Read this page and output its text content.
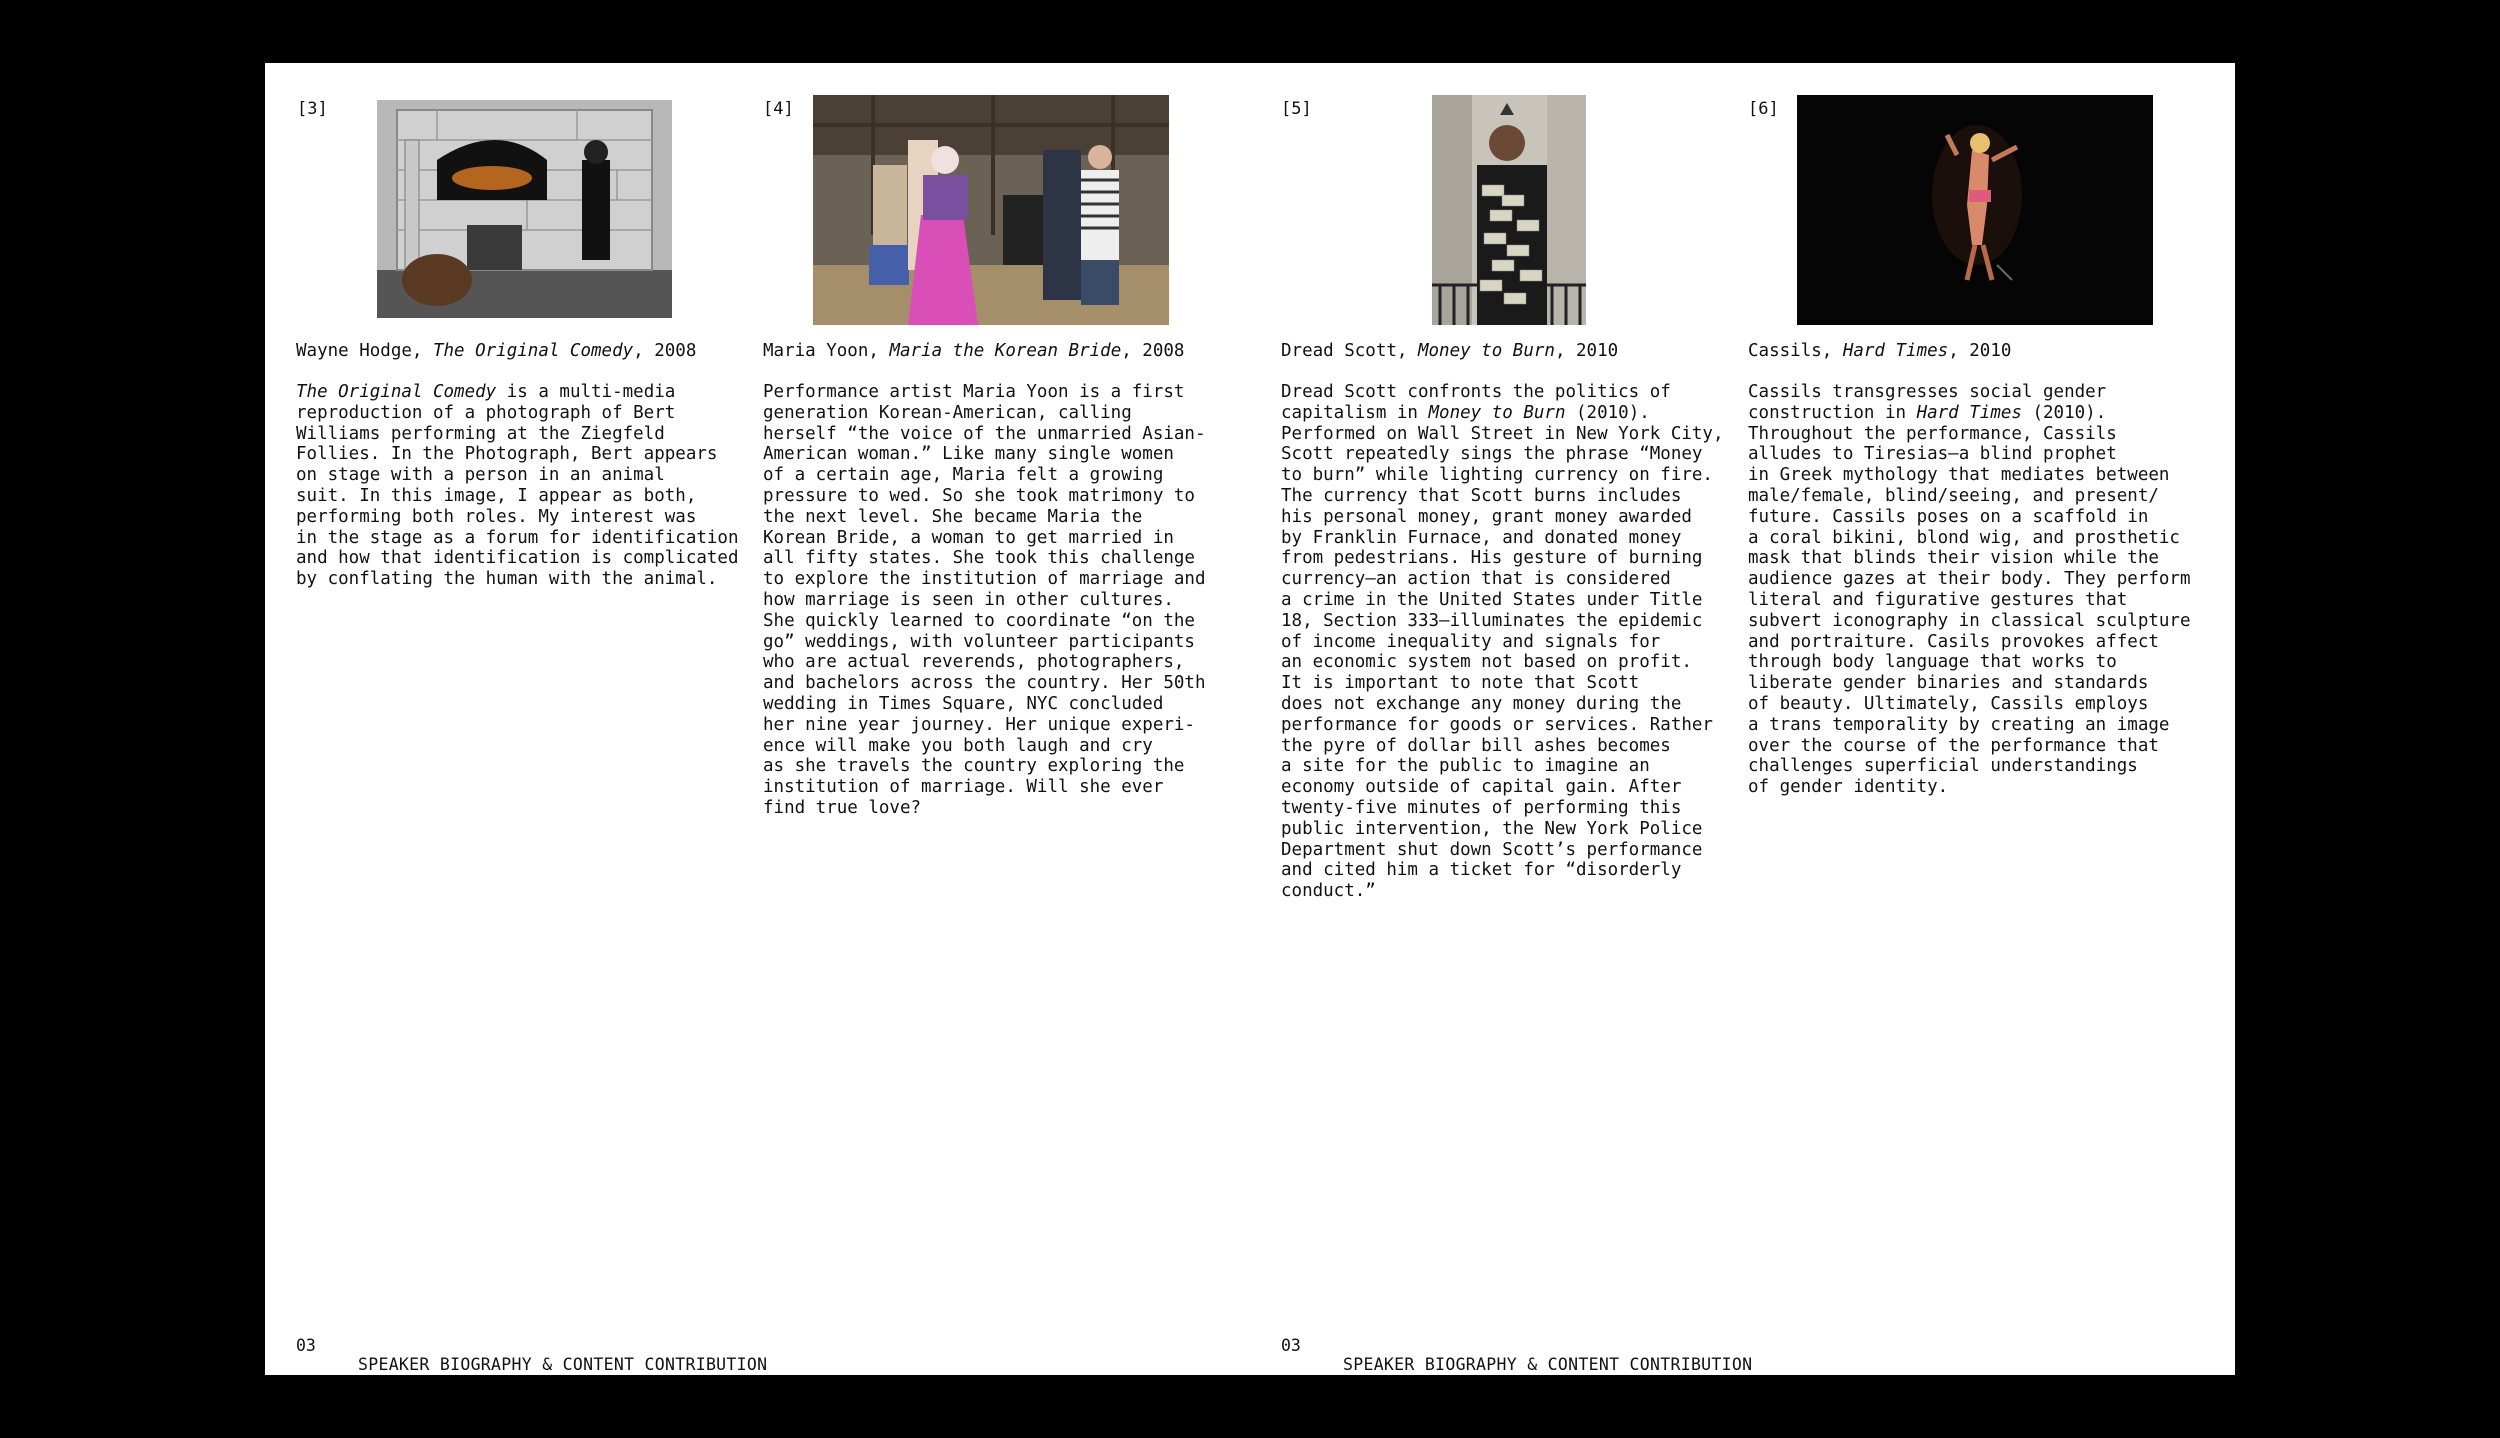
[3]
Wayne Hodge, The Original Comedy, 2008
The Original Comedy is a multi-media
reproduction of a photograph of Bert
Williams performing at the Ziegfeld
Follies. In the Photograph, Bert appears
on stage with a person in an animal
suit. In this image, I appear as both,
performing both roles. My interest was
in the stage as a forum for identification
and how that identification is complicated
by conflating the human with the animal.
[4]
Maria Yoon, Maria the Korean Bride, 2008
Performance artist Maria Yoon is a first
generation Korean-American, calling
herself “the voice of the unmarried Asian-
American woman.” Like many single women
of a certain age, Maria felt a growing
pressure to wed. So she took matrimony to
the next level. She became Maria the
Korean Bride, a woman to get married in
all fifty states. She took this challenge
to explore the institution of marriage and
how marriage is seen in other cultures.
She quickly learned to coordinate “on the
go” weddings, with volunteer participants
who are actual reverends, photographers,
and bachelors across the country. Her 50th
wedding in Times Square, NYC concluded
her nine year journey. Her unique experi-
ence will make you both laugh and cry
as she travels the country exploring the
institution of marriage. Will she ever
find true love?
[5]
Dread Scott, Money to Burn, 2010
Dread Scott confronts the politics of
capitalism in Money to Burn (2010).
Performed on Wall Street in New York City,
Scott repeatedly sings the phrase “Money
to burn” while lighting currency on fire.
The currency that Scott burns includes
his personal money, grant money awarded
by Franklin Furnace, and donated money
from pedestrians. His gesture of burning
currency—an action that is considered
a crime in the United States under Title
18, Section 333—illuminates the epidemic
of income inequality and signals for
an economic system not based on profit.
It is important to note that Scott
does not exchange any money during the
performance for goods or services. Rather
the pyre of dollar bill ashes becomes
a site for the public to imagine an
economy outside of capital gain. After
twenty-five minutes of performing this
public intervention, the New York Police
Department shut down Scott’s performance
and cited him a ticket for “disorderly
conduct.”
[6]
Cassils, Hard Times, 2010
Cassils transgresses social gender
construction in Hard Times (2010).
Throughout the performance, Cassils
alludes to Tiresias—a blind prophet
in Greek mythology that mediates between
male/female, blind/seeing, and present/
future. Cassils poses on a scaffold in
a coral bikini, blond wig, and prosthetic
mask that blinds their vision while the
audience gazes at their body. They perform
literal and figurative gestures that
subvert iconography in classical sculpture
and portraiture. Casils provokes affect
through body language that works to
liberate gender binaries and standards
of beauty. Ultimately, Cassils employs
a trans temporality by creating an image
over the course of the performance that
challenges superficial understandings
of gender identity.

03

SPEAKER BIOGRAPHY & CONTENT CONTRIBUTION

03

SPEAKER BIOGRAPHY & CONTENT CONTRIBUTION
